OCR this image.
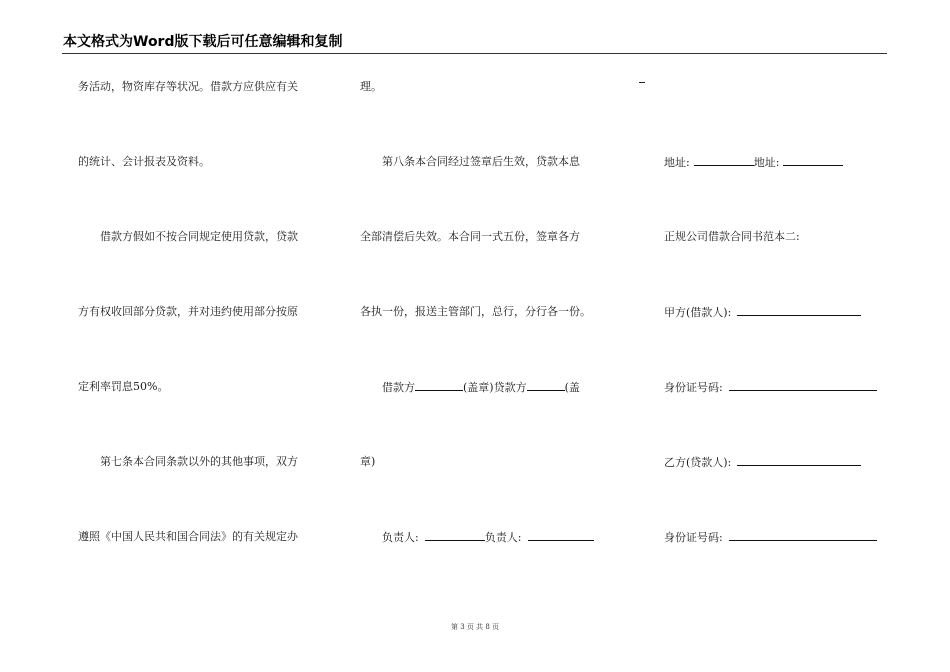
本文格式为Word版下载后可任意编辑和复制
务活动，物资库存等状况。借款方应供应有关
的统计、会计报表及资料。
借款方假如不按合同规定使用贷款，贷款
方有权收回部分贷款，并对违约使用部分按原
定利率罚息50%。
第七条本合同条款以外的其他事项，双方
遵照《中国人民共和国合同法》的有关规定办
理。
第八条本合同经过签章后生效，贷款本息
全部清偿后失效。本合同一式五份，签章各方
各执一份，报送主管部门，总行，分行各一份。
借款方	(盖章)贷款方	(盖
章)
负责人:	负责人:
地址:	地址:
正规公司借款合同书范本二:
甲方(借款人):
身份证号码:
乙方(贷款人):
身份证号码:
第 3 页 共 8 页
